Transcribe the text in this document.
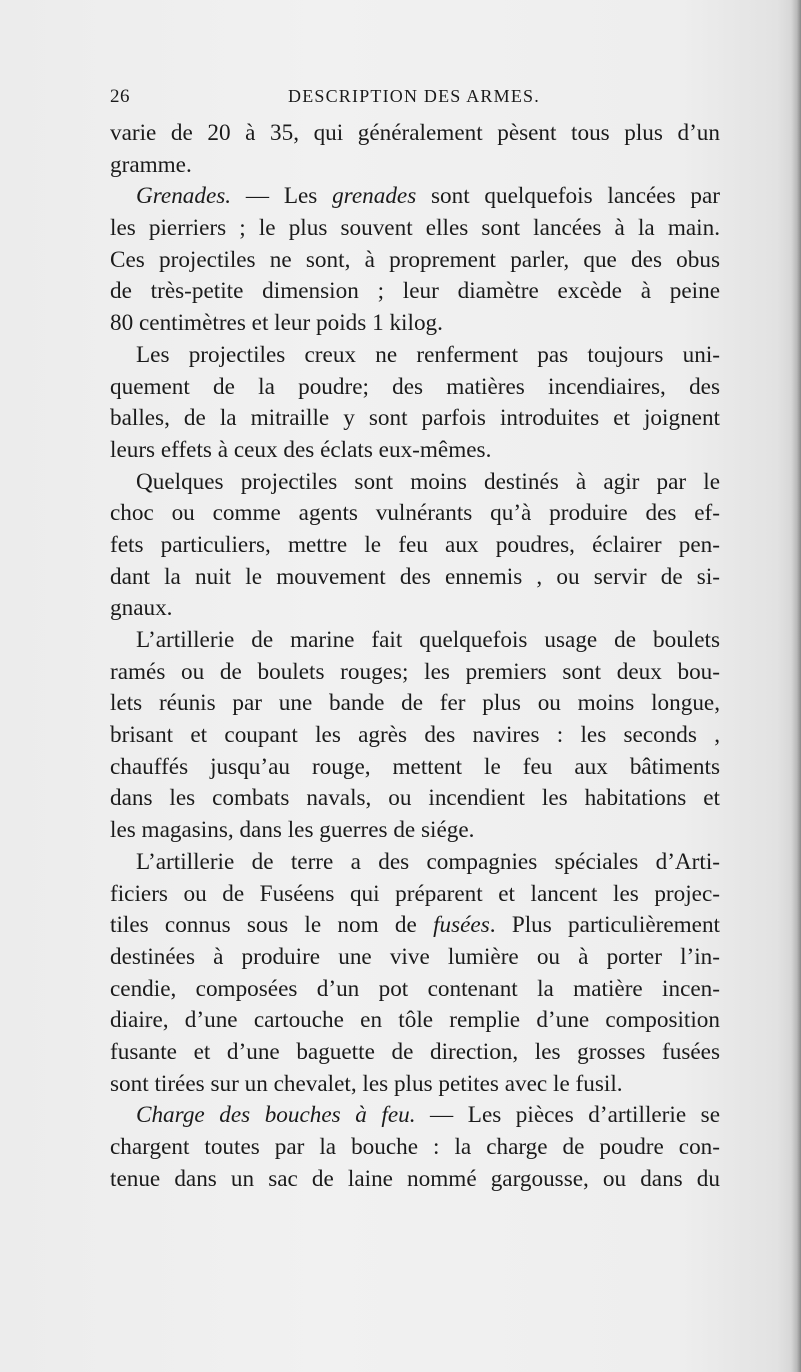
26	DESCRIPTION DES ARMES.
varie de 20 à 35, qui généralement pèsent tous plus d’un
gramme.
Grenades. — Les grenades sont quelquefois lancées par
les pierriers ; le plus souvent elles sont lancées à la main.
Ces projectiles ne sont, à proprement parler, que des obus
de très-petite dimension ; leur diamètre excède à peine
80 centimètres et leur poids 1 kilog.
Les projectiles creux ne renferment pas toujours uni-
quement de la poudre; des matières incendiaires, des
balles, de la mitraille y sont parfois introduites et joignent
leurs effets à ceux des éclats eux-mêmes.
Quelques projectiles sont moins destinés à agir par le
choc ou comme agents vulnérants qu’à produire des ef-
fets particuliers, mettre le feu aux poudres, éclairer pen-
dant la nuit le mouvement des ennemis , ou servir de si-
gnaux.
L’artillerie de marine fait quelquefois usage de boulets
ramés ou de boulets rouges; les premiers sont deux bou-
lets réunis par une bande de fer plus ou moins longue,
brisant et coupant les agrès des navires : les seconds ,
chauffés jusqu’au rouge, mettent le feu aux bâtiments
dans les combats navals, ou incendient les habitations et
les magasins, dans les guerres de siége.
L’artillerie de terre a des compagnies spéciales d’Arti-
ficiers ou de Fuséens qui préparent et lancent les projec-
tiles connus sous le nom de fusées. Plus particulièrement
destinées à produire une vive lumière ou à porter l’in-
cendie, composées d’un pot contenant la matière incen-
diaire, d’une cartouche en tôle remplie d’une composition
fusante et d’une baguette de direction, les grosses fusées
sont tirées sur un chevalet, les plus petites avec le fusil.
Charge des bouches à feu. — Les pièces d’artillerie se
chargent toutes par la bouche : la charge de poudre con-
tenue dans un sac de laine nommé gargousse, ou dans du
